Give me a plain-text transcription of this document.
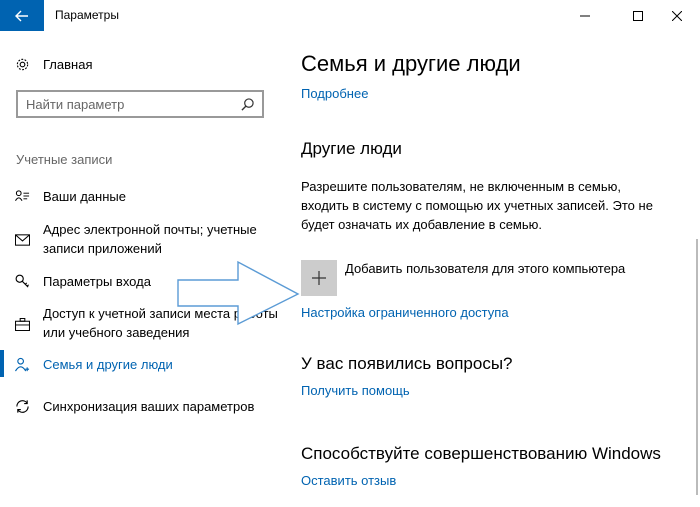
Параметры
Главная
Найти параметр
Учетные записи
Ваши данные
Адрес электронной почты; учетные записи приложений
Параметры входа
Доступ к учетной записи места работы или учебного заведения
Семья и другие люди
Синхронизация ваших параметров
Семья и другие люди
Подробнее
Другие люди
Разрешите пользователям, не включенным в семью, входить в систему с помощью их учетных записей. Это не будет означать их добавление в семью.
Добавить пользователя для этого компьютера
Настройка ограниченного доступа
У вас появились вопросы?
Получить помощь
Способствуйте совершенствованию Windows
Оставить отзыв
